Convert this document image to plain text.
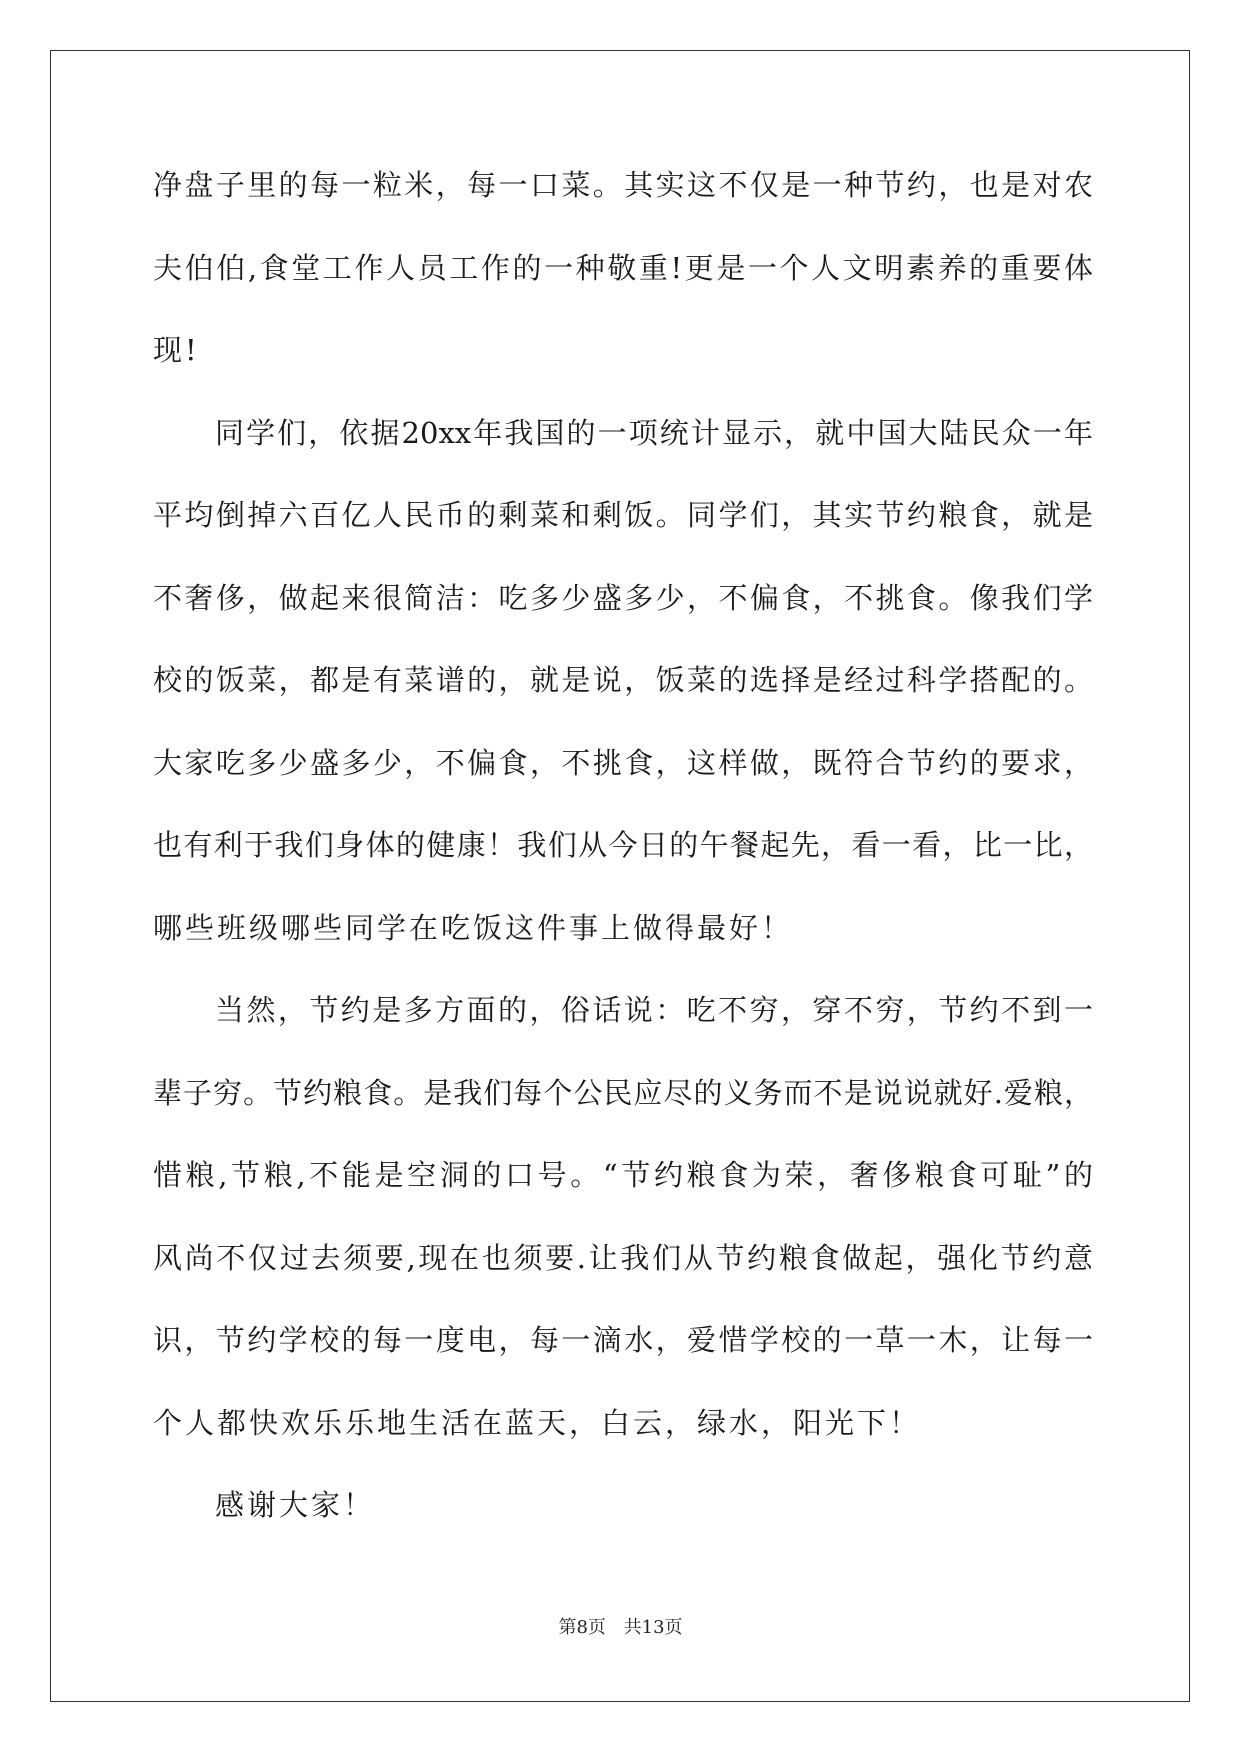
净盘子里的每一粒米，每一口菜。其实这不仅是一种节约，也是对农
夫伯伯,食堂工作人员工作的一种敬重!更是一个人文明素养的重要体
现!
同学们，依据20xx年我国的一项统计显示，就中国大陆民众一年
平均倒掉六百亿人民币的剩菜和剩饭。同学们，其实节约粮食，就是
不奢侈，做起来很简洁：吃多少盛多少，不偏食，不挑食。像我们学
校的饭菜，都是有菜谱的，就是说，饭菜的选择是经过科学搭配的。
大家吃多少盛多少，不偏食，不挑食，这样做，既符合节约的要求，
也有利于我们身体的健康！我们从今日的午餐起先，看一看，比一比，
哪些班级哪些同学在吃饭这件事上做得最好！
当然，节约是多方面的，俗话说：吃不穷，穿不穷，节约不到一
辈子穷。节约粮食。是我们每个公民应尽的义务而不是说说就好.爱粮，
惜粮,节粮,不能是空洞的口号。“节约粮食为荣，奢侈粮食可耻”的
风尚不仅过去须要,现在也须要.让我们从节约粮食做起，强化节约意
识，节约学校的每一度电，每一滴水，爱惜学校的一草一木，让每一
个人都快欢乐乐地生活在蓝天，白云，绿水，阳光下！
感谢大家！
第8页 共13页
